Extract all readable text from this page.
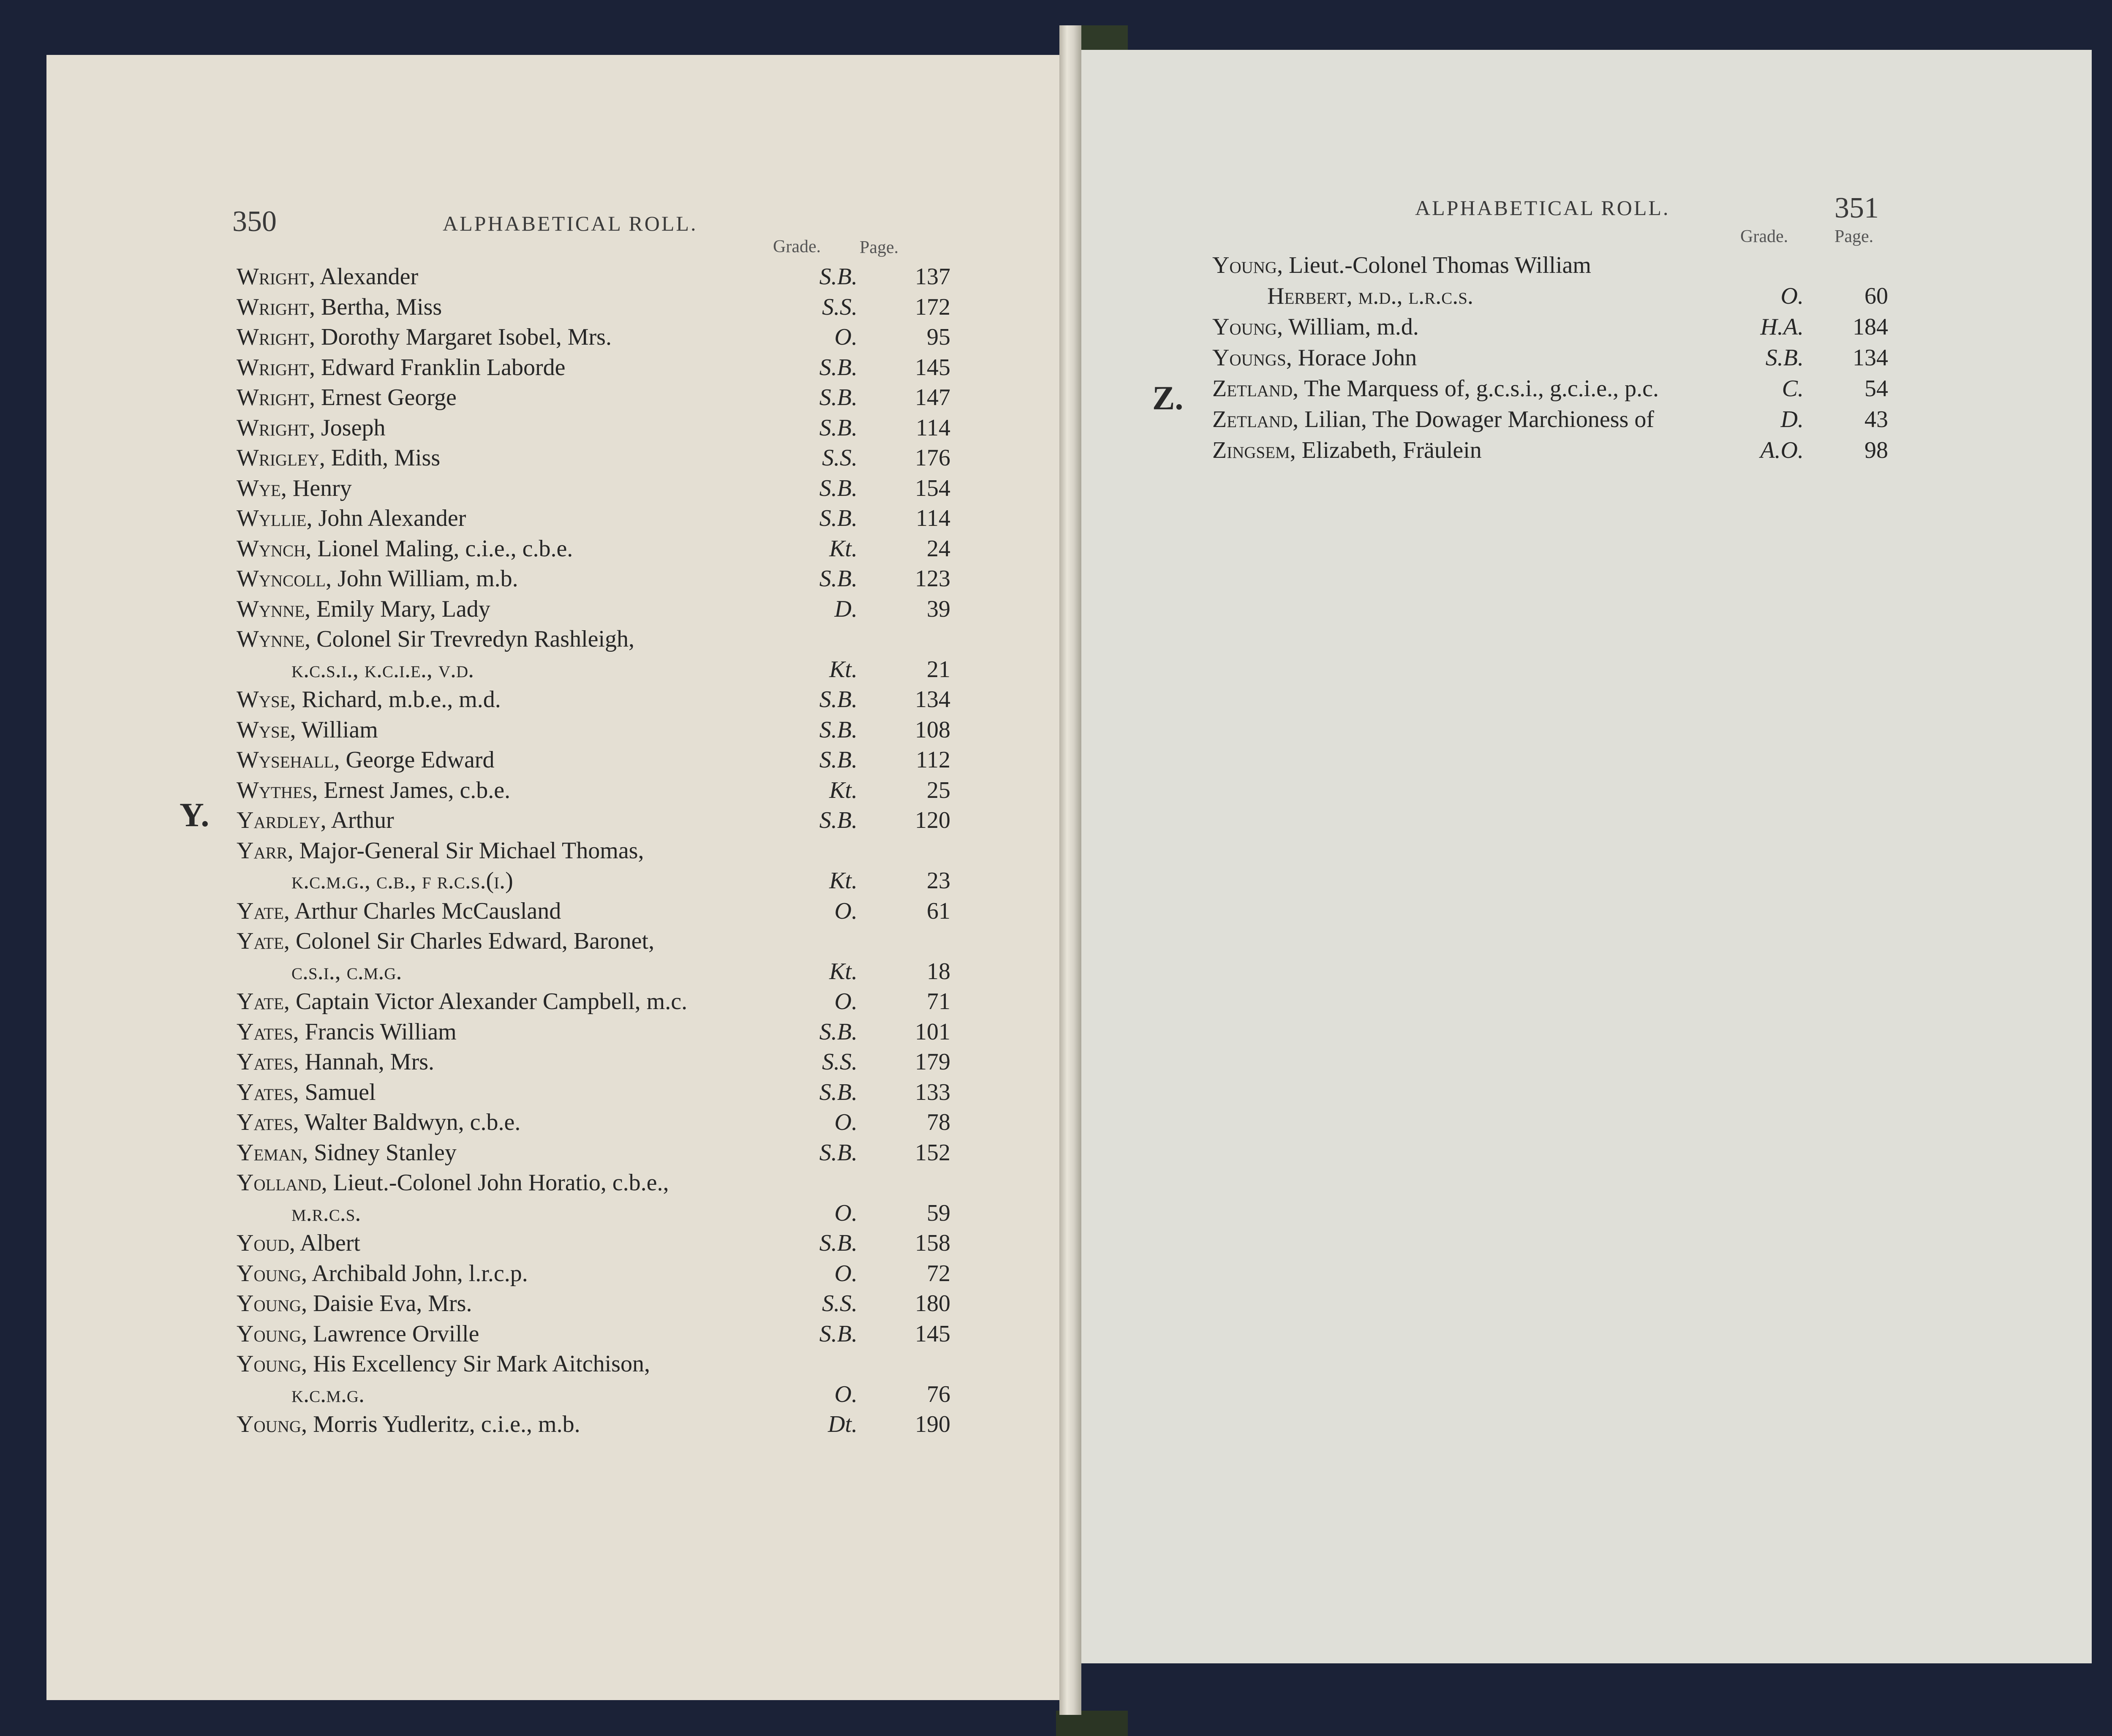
350	ALPHABETICAL ROLL.
Grade. Page.
Y.
Wright, Alexander	S.B. 137
Wright, Bertha, Miss	S.S. 172
Wright, Dorothy Margaret Isobel, Mrs.	O.	95
Wright, Edward Franklin Laborde	S.B. 145
Wright, Ernest George	S.B. 147
Wright, Joseph	S.B. 114
Wrigley, Edith, Miss	S.S. 176
Wye, Henry	S.B. 154
Wyllie, John Alexander	S.B. 114
Wynch, Lionel Maling, c.i.e., c.b.e.	Kt.	24
Wyncoll, John William, m.b.	S.B. 123
Wynne, Emily Mary, Lady	D.	39
Wynne, Colonel Sir Trevredyn Rashleigh,
k.c.s.i., k.c.i.e., v.d.	Kt.	21
Wyse, Richard, m.b.e., m.d.	S.B. 134
Wyse, William	S.B. 108
Wysehall, George Edward	S.B. 112
Wythes, Ernest James, c.b.e.	Kt.	25
Yardley, Arthur	S.B. 120
Yarr, Major-General Sir Michael Thomas,
k.c.m.g., c.b., f r.c.s.(i.)	Kt.	23
Yate, Arthur Charles McCausland	O.	61
Yate, Colonel Sir Charles Edward, Baronet,
c.s.i., c.m.g.	Kt.	18
Yate, Captain Victor Alexander Campbell, m.c.	O.	71
Yates, Francis William	S.B. 101
Yates, Hannah, Mrs.	S.S. 179
Yates, Samuel	S.B. 133
Yates, Walter Baldwyn, c.b.e.	O.	78
Yeman, Sidney Stanley	S.B. 152
Yolland, Lieut.-Colonel John Horatio, c.b.e.,
m.r.c.s.	O.	59
Youd, Albert	S.B. 158
Young, Archibald John, l.r.c.p.	O.	72
Young, Daisie Eva, Mrs.	S.S. 180
Young, Lawrence Orville	S.B. 145
Young, His Excellency Sir Mark Aitchison,
k.c.m.g.	O.	76
Young, Morris Yudleritz, c.i.e., m.b.	Dt. 190
ALPHABETICAL ROLL.	351
Grade.	Page.
Z.
Young, Lieut.-Colonel Thomas William
Herbert, m.d., l.r.c.s.	O.	60
Young, William, m.d.	H.A. 184
Youngs, Horace John	S.B. 134
Zetland, The Marquess of, g.c.s.i., g.c.i.e., p.c.	C.	54
Zetland, Lilian, The Dowager Marchioness of	D.	43
Zingsem, Elizabeth, Fräulein	A.O.	98
